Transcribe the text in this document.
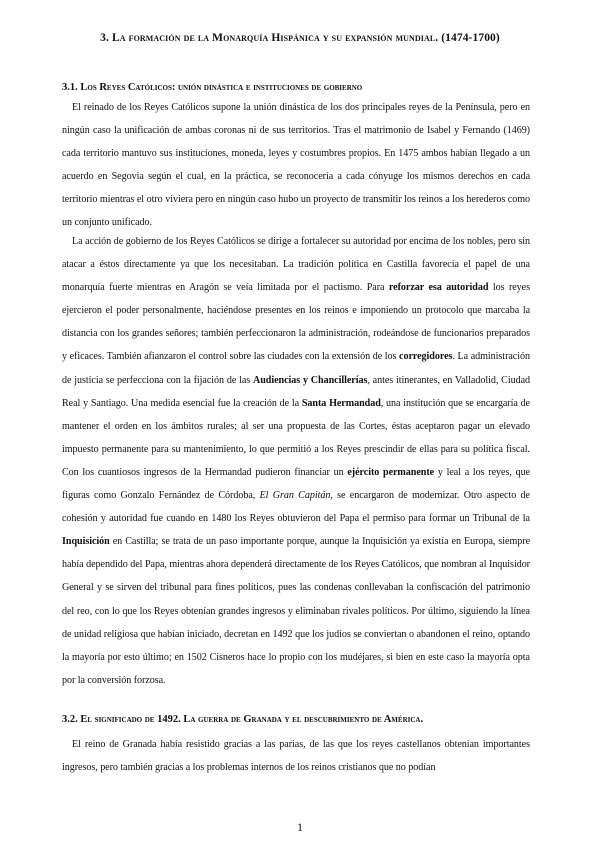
3. La formación de la Monarquía Hispánica y su expansión mundial. (1474-1700)
3.1. Los Reyes Católicos: unión dinástica e instituciones de gobierno

El reinado de los Reyes Católicos supone la unión dinástica de los dos principales reyes de la Península, pero en ningún caso la unificación de ambas coronas ni de sus territorios. Tras el matrimonio de Isabel y Fernando (1469) cada territorio mantuvo sus instituciones, moneda, leyes y costumbres propios. En 1475 ambos habían llegado a un acuerdo en Segovia según el cual, en la práctica, se reconocería a cada cónyuge los mismos derechos en cada territorio mientras el otro viviera pero en ningún caso hubo un proyecto de transmitir los reinos a los herederos como un conjunto unificado.

La acción de gobierno de los Reyes Católicos se dirige a fortalecer su autoridad por encima de los nobles, pero sin atacar a éstos directamente ya que los necesitaban. La tradición política en Castilla favorecía el papel de una monarquía fuerte mientras en Aragón se veía limitada por el pactismo. Para reforzar esa autoridad los reyes ejercieron el poder personalmente, haciéndose presentes en los reinos e imponiendo un protocolo que marcaba la distancia con los grandes señores; también perfeccionaron la administración, rodeándose de funcionarios preparados y eficaces. También afianzaron el control sobre las ciudades con la extensión de los corregidores. La administración de justicia se perfecciona con la fijación de las Audiencias y Chancillerías, antes itinerantes, en Valladolid, Ciudad Real y Santiago. Una medida esencial fue la creación de la Santa Hermandad, una institución que se encargaría de mantener el orden en los ámbitos rurales; al ser una propuesta de las Cortes, éstas aceptaron pagar un elevado impuesto permanente para su mantenimiento, lo que permitió a los Reyes prescindir de ellas para su política fiscal. Con los cuantiosos ingresos de la Hermandad pudieron financiar un ejército permanente y leal a los reyes, que figuras como Gonzalo Fernández de Córdoba, El Gran Capitán, se encargaron de modernizar. Otro aspecto de cohesión y autoridad fue cuando en 1480 los Reyes obtuvieron del Papa el permiso para formar un Tribunal de la Inquisición en Castilla; se trata de un paso importante porque, aunque la Inquisición ya existía en Europa, siempre había dependido del Papa, mientras ahora dependerá directamente de los Reyes Católicos, que nombran al Inquisidor General y se sirven del tribunal para fines políticos, pues las condenas conllevaban la confiscación del patrimonio del reo, con lo que los Reyes obtenían grandes ingresos y eliminaban rivales políticos. Por último, siguiendo la línea de unidad religiosa que habían iniciado, decretan en 1492 que los judíos se conviertan o abandonen el reino, optando la mayoría por esto último; en 1502 Cisneros hace lo propio con los mudéjares, si bien en este caso la mayoría opta por la conversión forzosa.

3.2. El significado de 1492. La guerra de Granada y el descubrimiento de América.

El reino de Granada había resistido gracias a las parias, de las que los reyes castellanos obtenían importantes ingresos, pero también gracias a los problemas internos de los reinos cristianos que no podían

1
